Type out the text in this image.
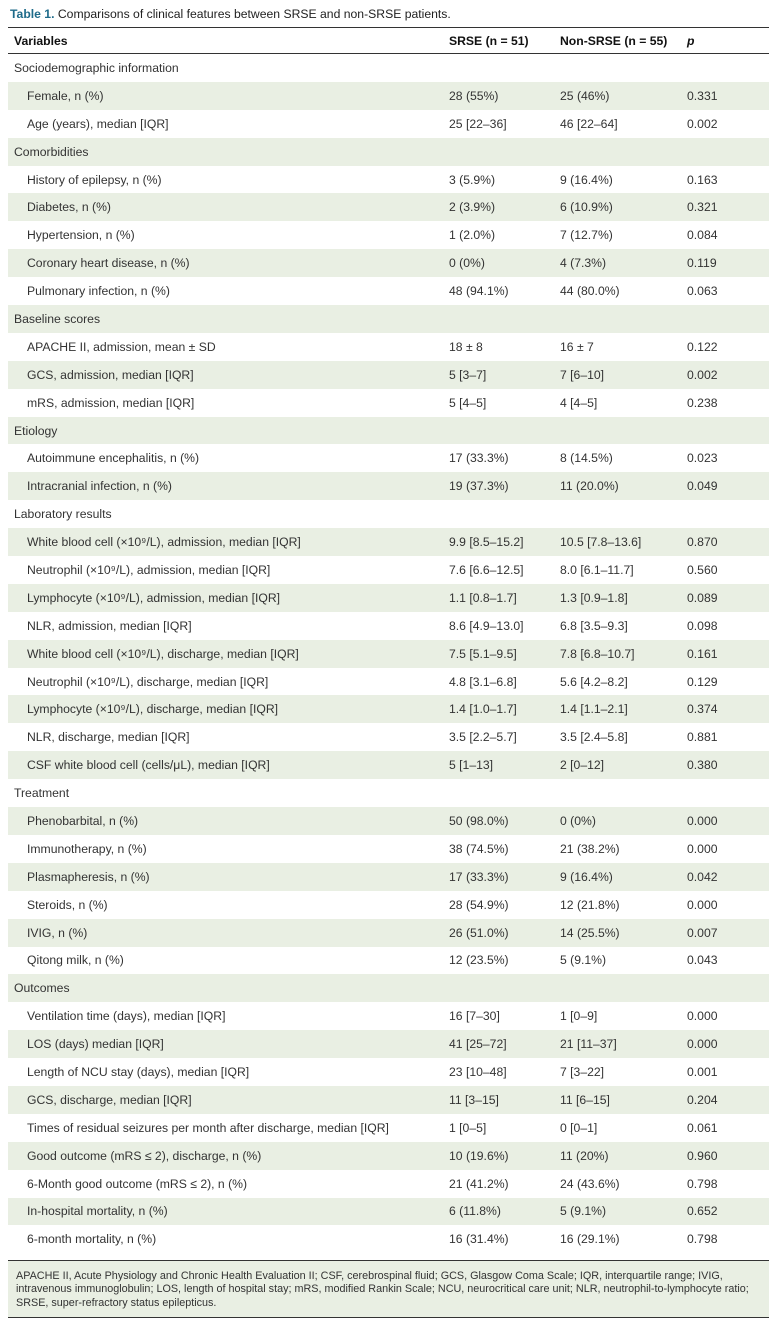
Table 1. Comparisons of clinical features between SRSE and non-SRSE patients.
Variables	SRSE (n = 51)	Non-SRSE (n = 55)	p
Sociodemographic information
Female, n (%)	28 (55%)	25 (46%)	0.331
Age (years), median [IQR]	25 [22–36]	46 [22–64]	0.002
Comorbidities
History of epilepsy, n (%)	3 (5.9%)	9 (16.4%)	0.163
Diabetes, n (%)	2 (3.9%)	6 (10.9%)	0.321
Hypertension, n (%)	1 (2.0%)	7 (12.7%)	0.084
Coronary heart disease, n (%)	0 (0%)	4 (7.3%)	0.119
Pulmonary infection, n (%)	48 (94.1%)	44 (80.0%)	0.063
Baseline scores
APACHE II, admission, mean ± SD	18 ± 8	16 ± 7	0.122
GCS, admission, median [IQR]	5 [3–7]	7 [6–10]	0.002
mRS, admission, median [IQR]	5 [4–5]	4 [4–5]	0.238
Etiology
Autoimmune encephalitis, n (%)	17 (33.3%)	8 (14.5%)	0.023
Intracranial infection, n (%)	19 (37.3%)	11 (20.0%)	0.049
Laboratory results
White blood cell (×10⁹/L), admission, median [IQR]	9.9 [8.5–15.2]	10.5 [7.8–13.6]	0.870
Neutrophil (×10⁹/L), admission, median [IQR]	7.6 [6.6–12.5]	8.0 [6.1–11.7]	0.560
Lymphocyte (×10⁹/L), admission, median [IQR]	1.1 [0.8–1.7]	1.3 [0.9–1.8]	0.089
NLR, admission, median [IQR]	8.6 [4.9–13.0]	6.8 [3.5–9.3]	0.098
White blood cell (×10⁹/L), discharge, median [IQR]	7.5 [5.1–9.5]	7.8 [6.8–10.7]	0.161
Neutrophil (×10⁹/L), discharge, median [IQR]	4.8 [3.1–6.8]	5.6 [4.2–8.2]	0.129
Lymphocyte (×10⁹/L), discharge, median [IQR]	1.4 [1.0–1.7]	1.4 [1.1–2.1]	0.374
NLR, discharge, median [IQR]	3.5 [2.2–5.7]	3.5 [2.4–5.8]	0.881
CSF white blood cell (cells/μL), median [IQR]	5 [1–13]	2 [0–12]	0.380
Treatment
Phenobarbital, n (%)	50 (98.0%)	0 (0%)	0.000
Immunotherapy, n (%)	38 (74.5%)	21 (38.2%)	0.000
Plasmapheresis, n (%)	17 (33.3%)	9 (16.4%)	0.042
Steroids, n (%)	28 (54.9%)	12 (21.8%)	0.000
IVIG, n (%)	26 (51.0%)	14 (25.5%)	0.007
Qitong milk, n (%)	12 (23.5%)	5 (9.1%)	0.043
Outcomes
Ventilation time (days), median [IQR]	16 [7–30]	1 [0–9]	0.000
LOS (days) median [IQR]	41 [25–72]	21 [11–37]	0.000
Length of NCU stay (days), median [IQR]	23 [10–48]	7 [3–22]	0.001
GCS, discharge, median [IQR]	11 [3–15]	11 [6–15]	0.204
Times of residual seizures per month after discharge, median [IQR]	1 [0–5]	0 [0–1]	0.061
Good outcome (mRS ≤ 2), discharge, n (%)	10 (19.6%)	11 (20%)	0.960
6-Month good outcome (mRS ≤ 2), n (%)	21 (41.2%)	24 (43.6%)	0.798
In-hospital mortality, n (%)	6 (11.8%)	5 (9.1%)	0.652
6-month mortality, n (%)	16 (31.4%)	16 (29.1%)	0.798
APACHE II, Acute Physiology and Chronic Health Evaluation II; CSF, cerebrospinal fluid; GCS, Glasgow Coma Scale; IQR, interquartile range; IVIG, intravenous immunoglobulin; LOS, length of hospital stay; mRS, modified Rankin Scale; NCU, neurocritical care unit; NLR, neutrophil-to-lymphocyte ratio; SRSE, super-refractory status epilepticus.
